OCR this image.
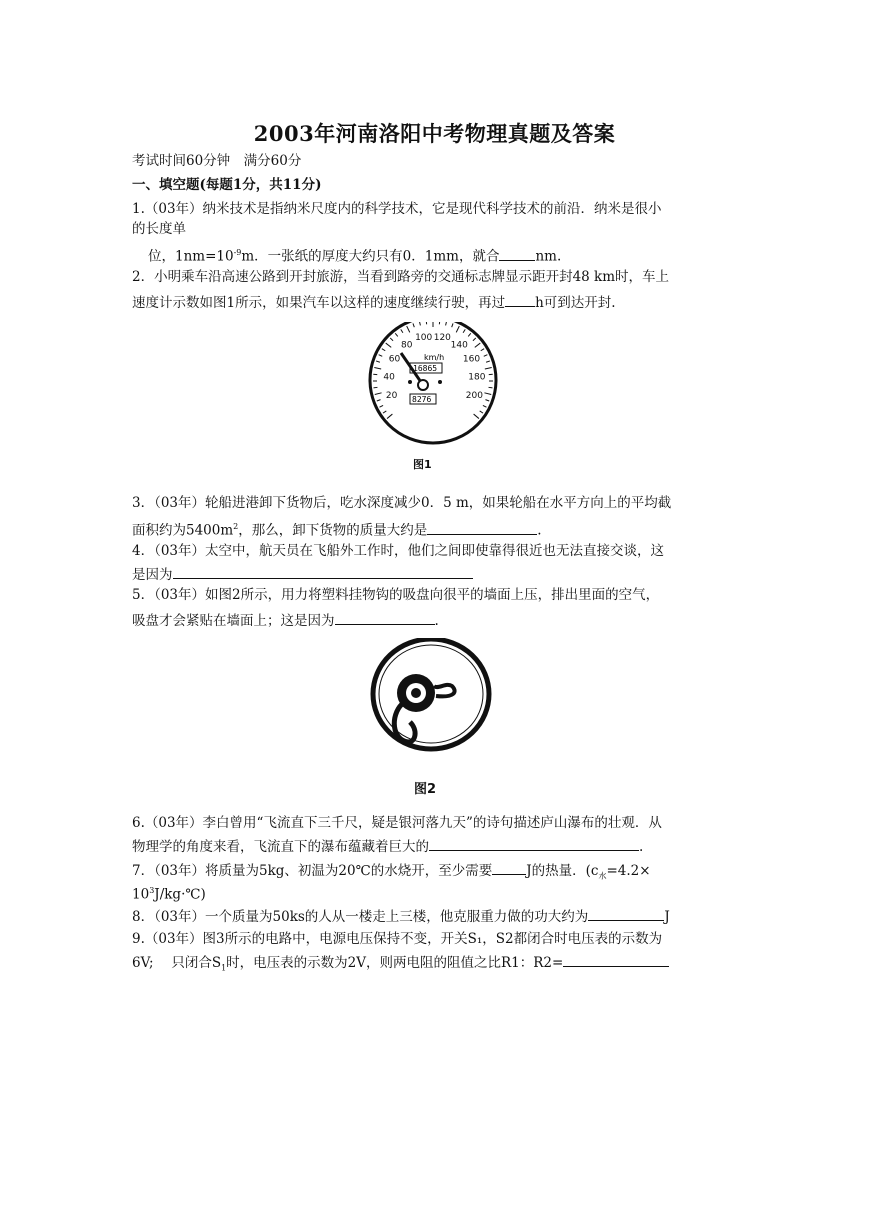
2003年河南洛阳中考物理真题及答案
考试时间60分钟　满分60分
一、填空题(每题1分，共11分)
1.（03年）纳米技术是指纳米尺度内的科学技术，它是现代科学技术的前沿．纳米是很小
的长度单
位，$1nm=10^{-9}m$．一张纸的厚度大约只有0．1mm，就合	nm.
2．小明乘车沿高速公路到开封旅游，当看到路旁的交通标志牌显示距开封48 km时，车上
速度计示数如图1所示，如果汽车以这样的速度继续行驶，再过 h可到达开封.
20
40
60
80
100 120
140
160
180
200
km/h
16865
8276
图1
3．（03年）轮船进港卸下货物后，吃水深度减少0．5 m，如果轮船在水平方向上的平均截
面积约为$5400m^2$，那么，卸下货物的质量大约是	.
4．（03年）太空中，航天员在飞船外工作时，他们之间即使靠得很近也无法直接交谈，这
是因为
5．（03年）如图2所示，用力将塑料挂物钩的吸盘向很平的墙面上压，排出里面的空气，
吸盘才会紧贴在墙面上；这是因为	.
图2
6.（03年）李白曾用“飞流直下三千尺，疑是银河落九天”的诗句描述庐山瀑布的壮观．从
物理学的角度来看，飞流直下的瀑布蕴藏着巨大的	.
7．（03年）将质量为5kg、初温为20℃的水烧开，至少需要	J的热量．($c_水=4.2\times$
$10^3J/kg\cdot℃$)
8．（03年）一个质量为50ks的人从一楼走上三楼，他克服重力做的功大约为	J
9.（03年）图3所示的电路中，电源电压保持不变，开关S₁，S2都闭合时电压表的示数为
6V;　 只闭合$S_1$时，电压表的示数为2V，则两电阻的阻值之比R1：R2=
